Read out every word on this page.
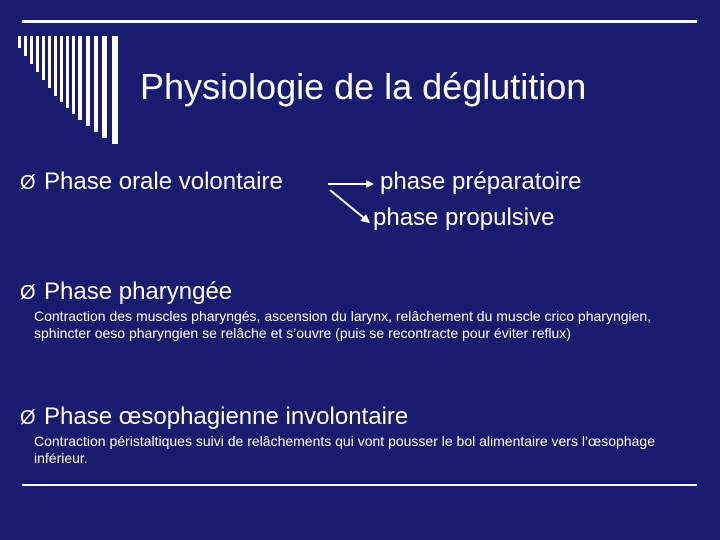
Physiologie de la déglutition
Ø Phase orale volontaire	phase préparatoire
phase propulsive
Ø Phase pharyngée
Contraction des muscles pharyngés, ascension du larynx, relâchement du muscle crico pharyngien, sphincter oeso pharyngien se relâche et s’ouvre (puis se recontracte pour éviter reflux)
Ø Phase œsophagienne involontaire
Contraction péristaltiques suivi de relâchements qui vont pousser le bol alimentaire vers l’œsophage inférieur.
